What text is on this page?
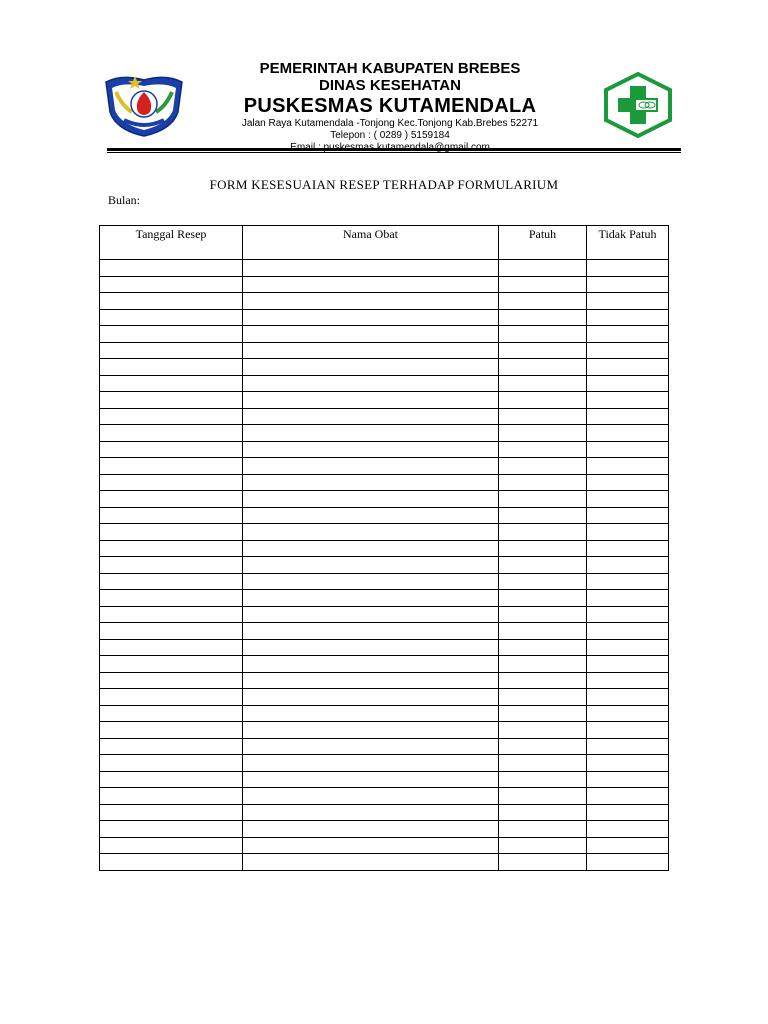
PEMERINTAH KABUPATEN BREBES
DINAS KESEHATAN
PUSKESMAS KUTAMENDALA
Jalan Raya Kutamendala -Tonjong Kec.Tonjong Kab.Brebes 52271
Telepon : ( 0289 ) 5159184
FORM KESESUAIAN RESEP TERHADAP FORMULARIUM
Bulan:
Tanggal Resep	Nama Obat	Patuh	Tidak Patuh
